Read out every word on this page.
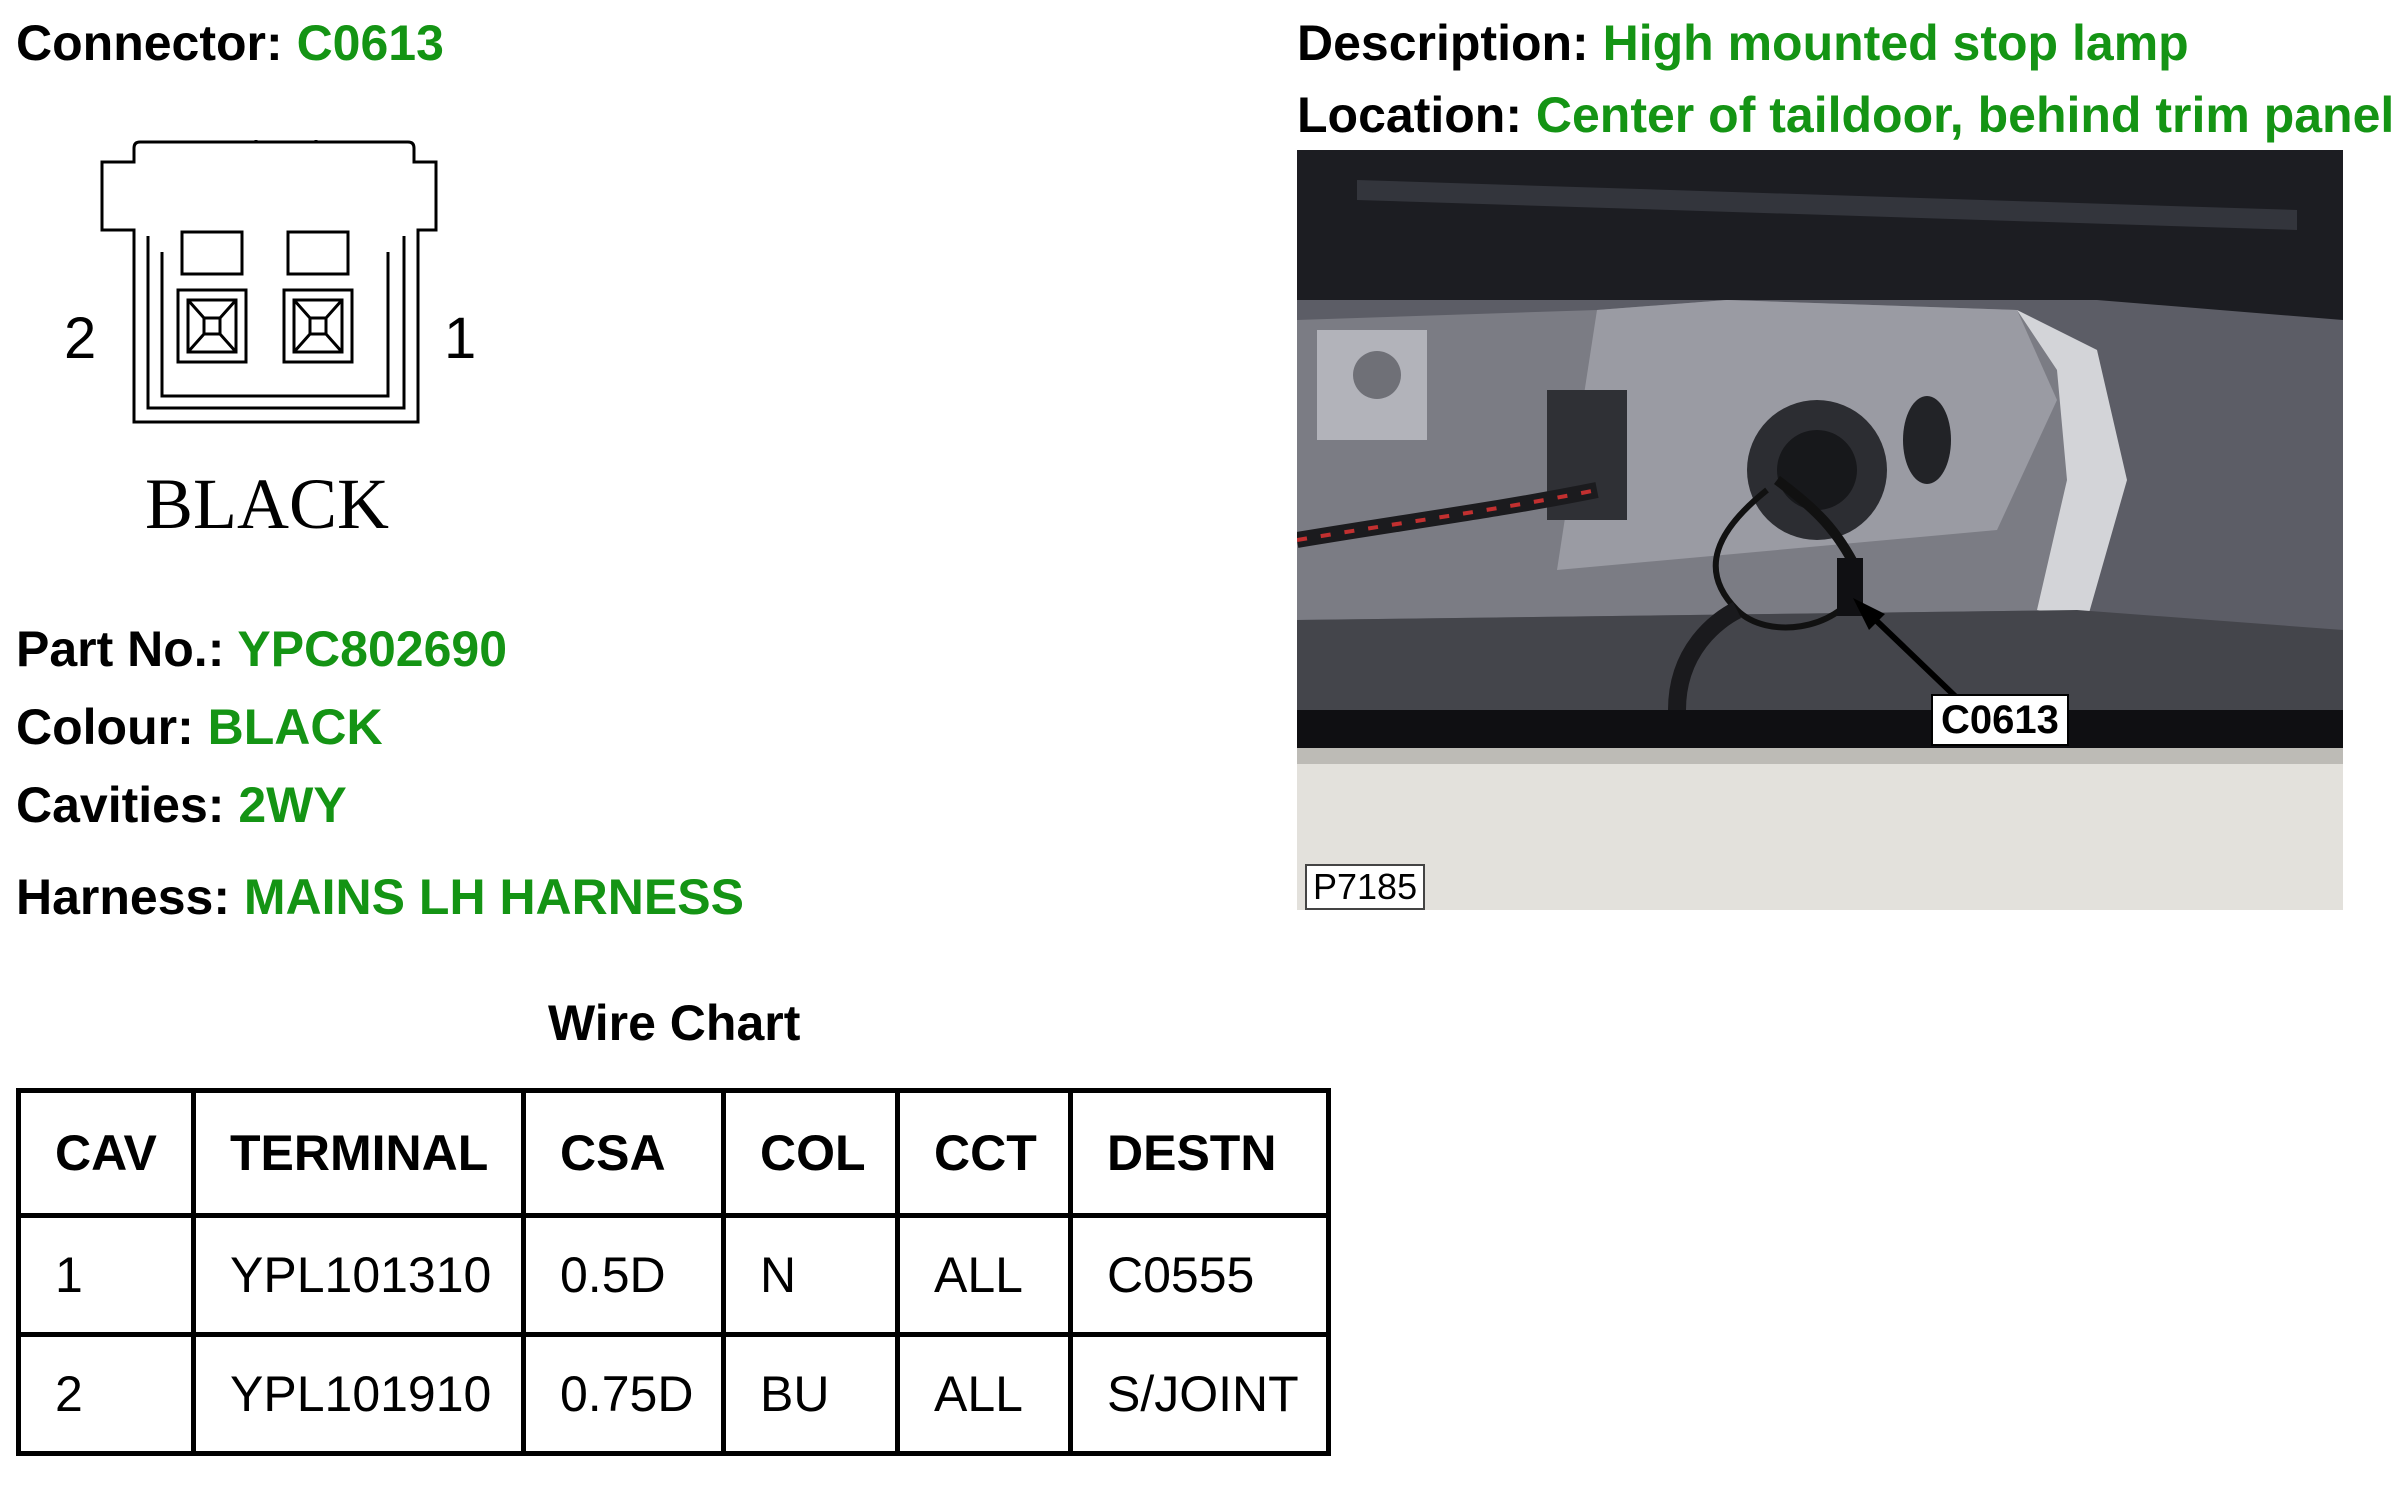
Connector: C0613	Description: High mounted stop lamp
Location: Center of taildoor, behind trim panel
2	1
BLACK
Part No.: YPC802690
Colour: BLACK
Cavities: 2WY
Harness: MAINS LH HARNESS
C0613
P7185
Wire Chart
CAV	TERMINAL	CSA	COL	CCT	DESTN
1	YPL101310	0.5D	N	ALL	C0555
2	YPL101910	0.75D	BU	ALL	S/JOINT
